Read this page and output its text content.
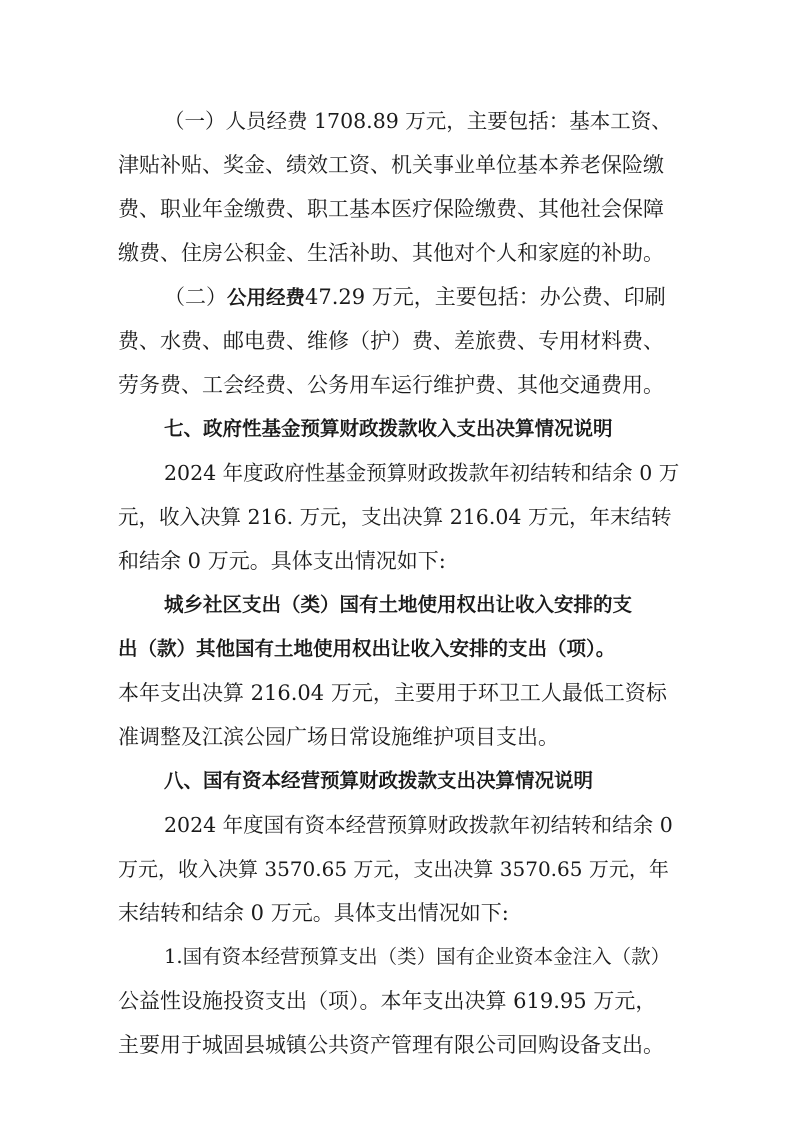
（一）人员经费 1708.89 万元，主要包括：基本工资、
津贴补贴、奖金、绩效工资、机关事业单位基本养老保险缴
费、职业年金缴费、职工基本医疗保险缴费、其他社会保障
缴费、住房公积金、生活补助、其他对个人和家庭的补助。
（二）公用经费47.29 万元，主要包括：办公费、印刷
费、水费、邮电费、维修（护）费、差旅费、专用材料费、
劳务费、工会经费、公务用车运行维护费、其他交通费用。
七、政府性基金预算财政拨款收入支出决算情况说明
2024 年度政府性基金预算财政拨款年初结转和结余 0 万
元，收入决算 216. 万元，支出决算 216.04 万元，年末结转
和结余 0 万元。具体支出情况如下:
城乡社区支出（类）国有土地使用权出让收入安排的支
出（款）其他国有土地使用权出让收入安排的支出（项）。
本年支出决算 216.04 万元，主要用于环卫工人最低工资标
准调整及江滨公园广场日常设施维护项目支出。
八、国有资本经营预算财政拨款支出决算情况说明
2024 年度国有资本经营预算财政拨款年初结转和结余 0
万元，收入决算 3570.65 万元，支出决算 3570.65 万元，年
末结转和结余 0 万元。具体支出情况如下:
1.国有资本经营预算支出（类）国有企业资本金注入（款）
公益性设施投资支出（项）。本年支出决算 619.95 万元，
主要用于城固县城镇公共资产管理有限公司回购设备支出。
